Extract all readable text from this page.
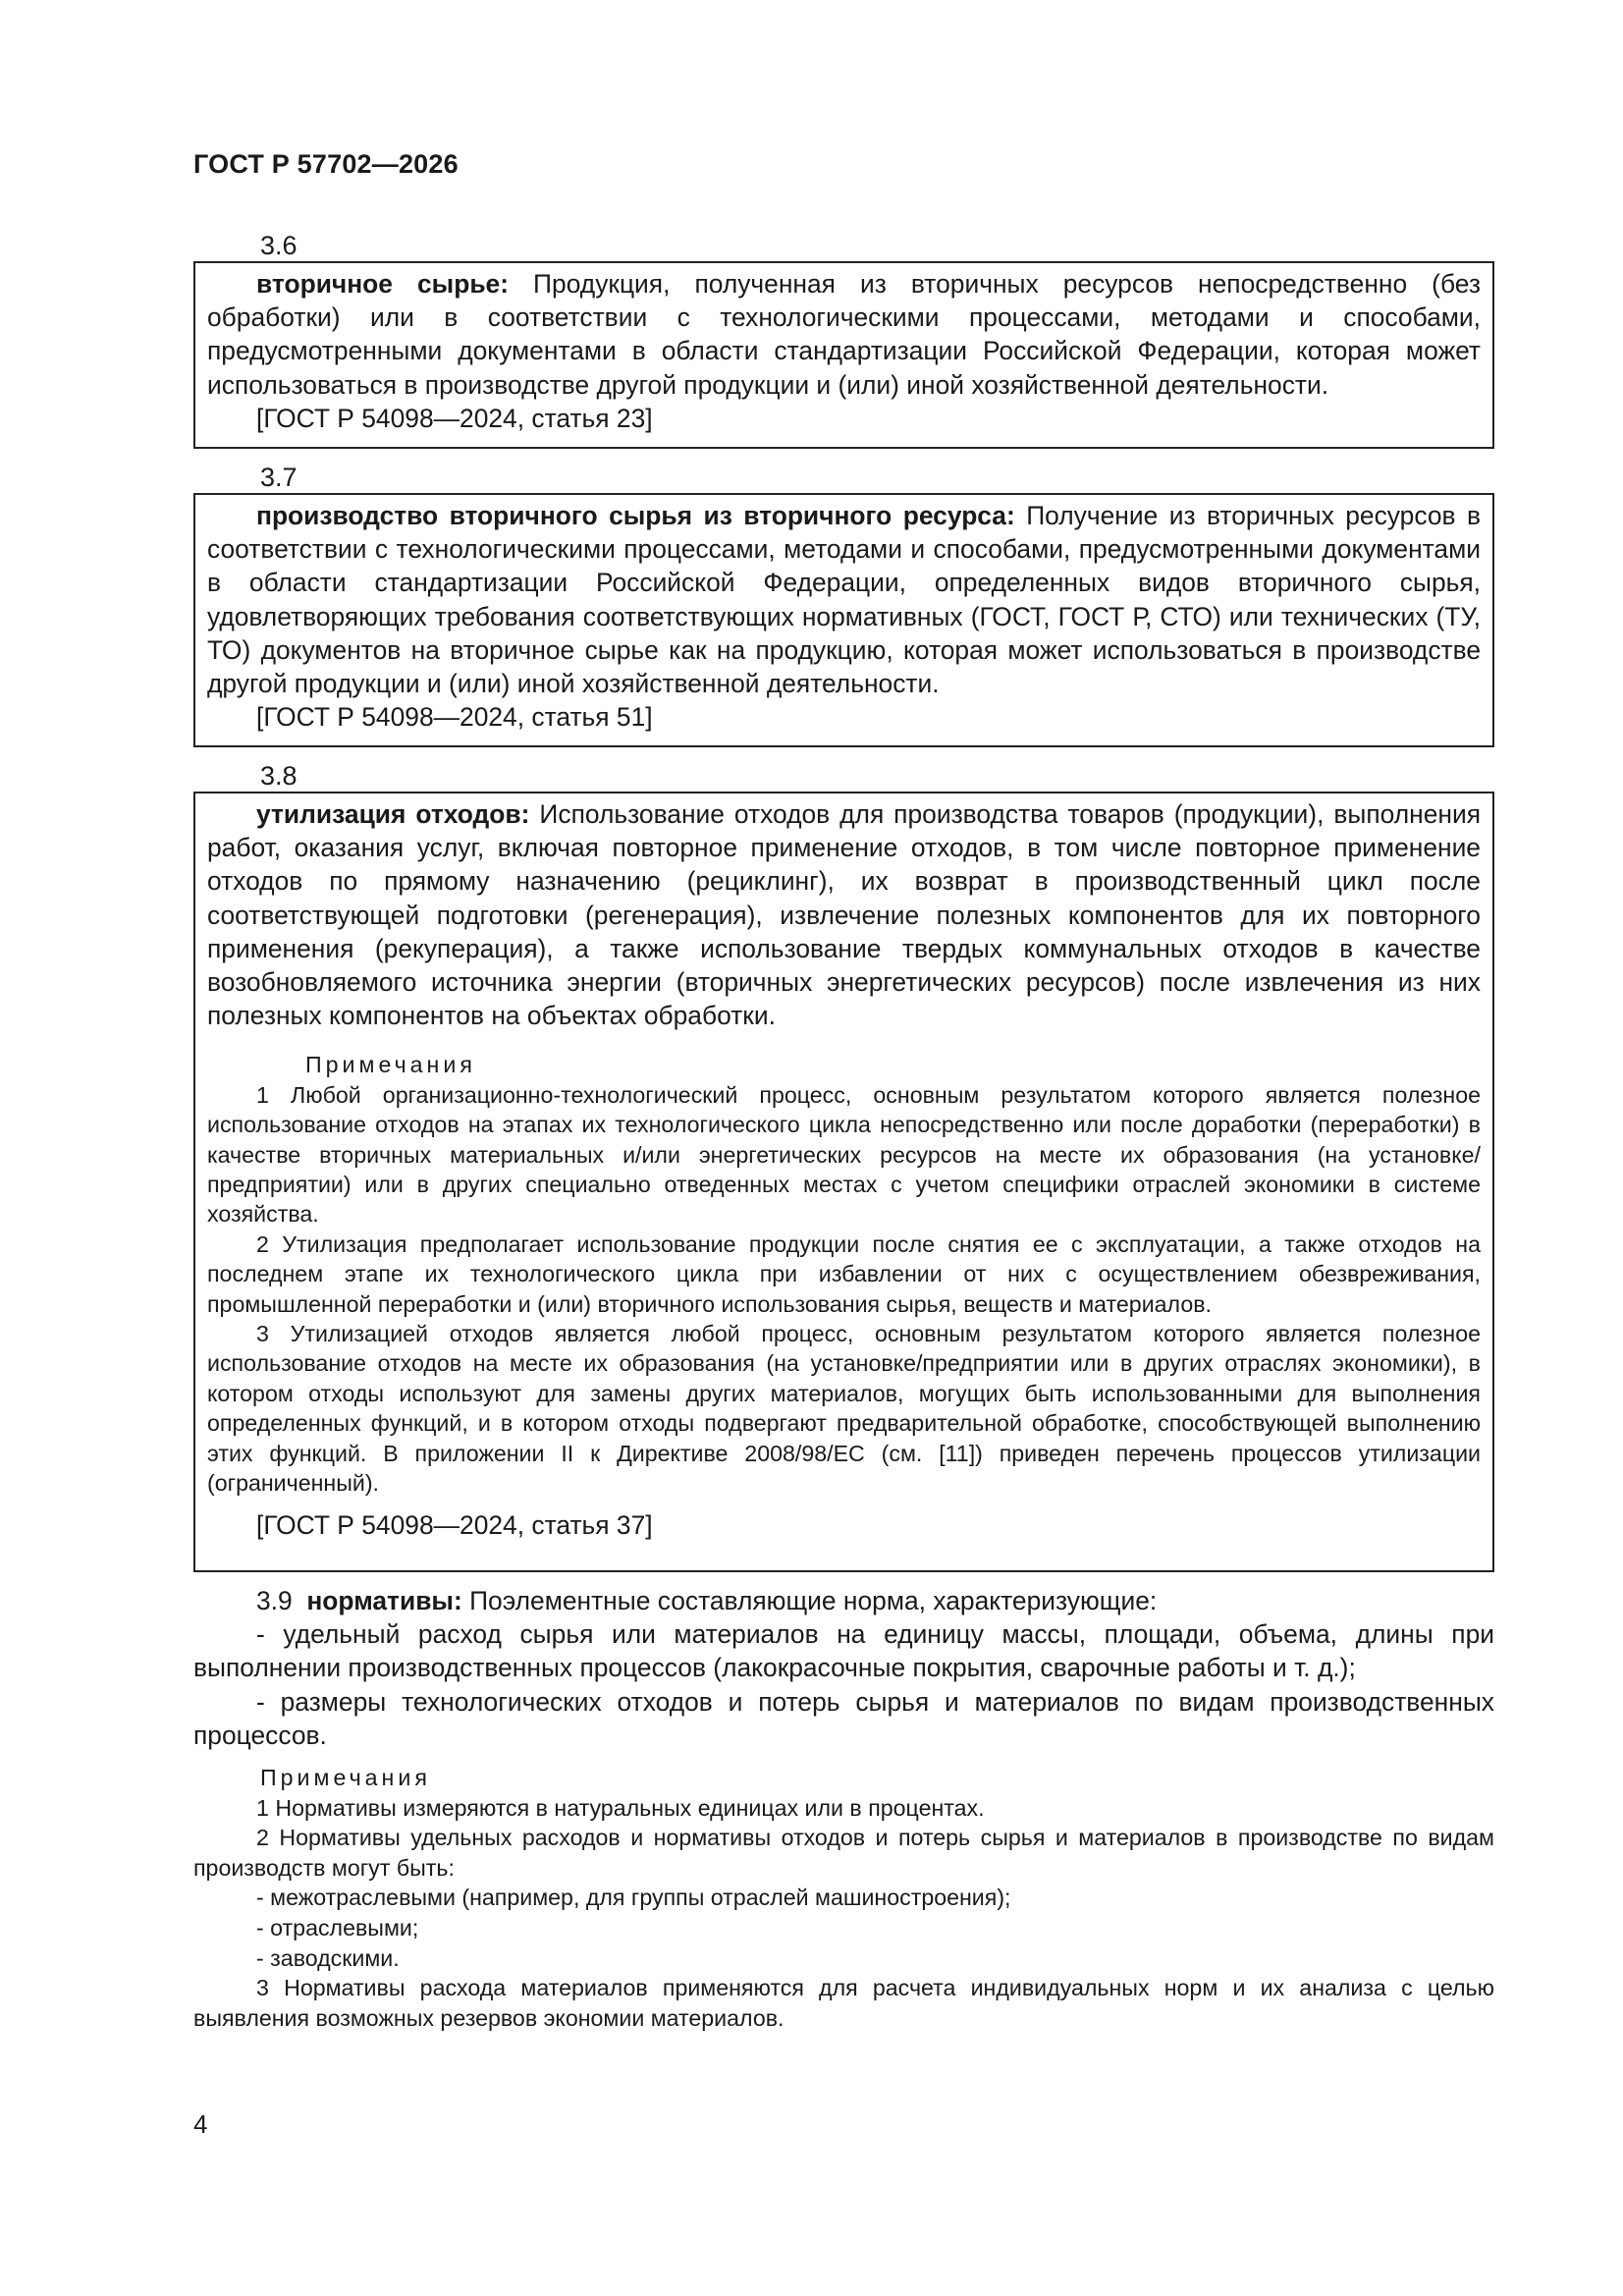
ГОСТ Р 57702—2026
3.6

вторичное сырье: Продукция, полученная из вторичных ресурсов непосредственно (без обработки) или в соответствии с технологическими процессами, методами и способами, предусмотренными документами в области стандартизации Российской Федерации, которая может использоваться в производстве другой продукции и (или) иной хозяйственной деятельности.

[ГОСТ Р 54098—2024, статья 23]

3.7

производство вторичного сырья из вторичного ресурса: Получение из вторичных ресурсов в соответствии с технологическими процессами, методами и способами, предусмотренными документами в области стандартизации Российской Федерации, определенных видов вторичного сырья, удовлетворяющих требования соответствующих нормативных (ГОСТ, ГОСТ Р, СТО) или технических (ТУ, ТО) документов на вторичное сырье как на продукцию, которая может использоваться в производстве другой продукции и (или) иной хозяйственной деятельности.

[ГОСТ Р 54098—2024, статья 51]

3.8

утилизация отходов: Использование отходов для производства товаров (продукции), выполнения работ, оказания услуг, включая повторное применение отходов, в том числе повторное применение отходов по прямому назначению (рециклинг), их возврат в производственный цикл после соответствующей подготовки (регенерация), извлечение полезных компонентов для их повторного применения (рекуперация), а также использование твердых коммунальных отходов в качестве возобновляемого источника энергии (вторичных энергетических ресурсов) после извлечения из них полезных компонентов на объектах обработки.

Примечания

1 Любой организационно-технологический процесс, основным результатом которого является полезное использование отходов на этапах их технологического цикла непосредственно или после доработки (переработки) в качестве вторичных материальных и/или энергетических ресурсов на месте их образования (на установке/предприятии) или в других специально отведенных местах с учетом специфики отраслей экономики в системе хозяйства.

2 Утилизация предполагает использование продукции после снятия ее с эксплуатации, а также отходов на последнем этапе их технологического цикла при избавлении от них с осуществлением обезвреживания, промышленной переработки и (или) вторичного использования сырья, веществ и материалов.

3 Утилизацией отходов является любой процесс, основным результатом которого является полезное использование отходов на месте их образования (на установке/предприятии или в других отраслях экономики), в котором отходы используют для замены других материалов, могущих быть использованными для выполнения определенных функций, и в котором отходы подвергают предварительной обработке, способствующей выполнению этих функций. В приложении II к Директиве 2008/98/ЕС (см. [11]) приведен перечень процессов утилизации (ограниченный).

[ГОСТ Р 54098—2024, статья 37]

3.9 нормативы: Поэлементные составляющие норма, характеризующие:

- удельный расход сырья или материалов на единицу массы, площади, объема, длины при выполнении производственных процессов (лакокрасочные покрытия, сварочные работы и т. д.);

- размеры технологических отходов и потерь сырья и материалов по видам производственных процессов.

Примечания

1 Нормативы измеряются в натуральных единицах или в процентах.

2 Нормативы удельных расходов и нормативы отходов и потерь сырья и материалов в производстве по видам производств могут быть:

- межотраслевыми (например, для группы отраслей машиностроения);

- отраслевыми;

- заводскими.

3 Нормативы расхода материалов применяются для расчета индивидуальных норм и их анализа с целью выявления возможных резервов экономии материалов.

4
